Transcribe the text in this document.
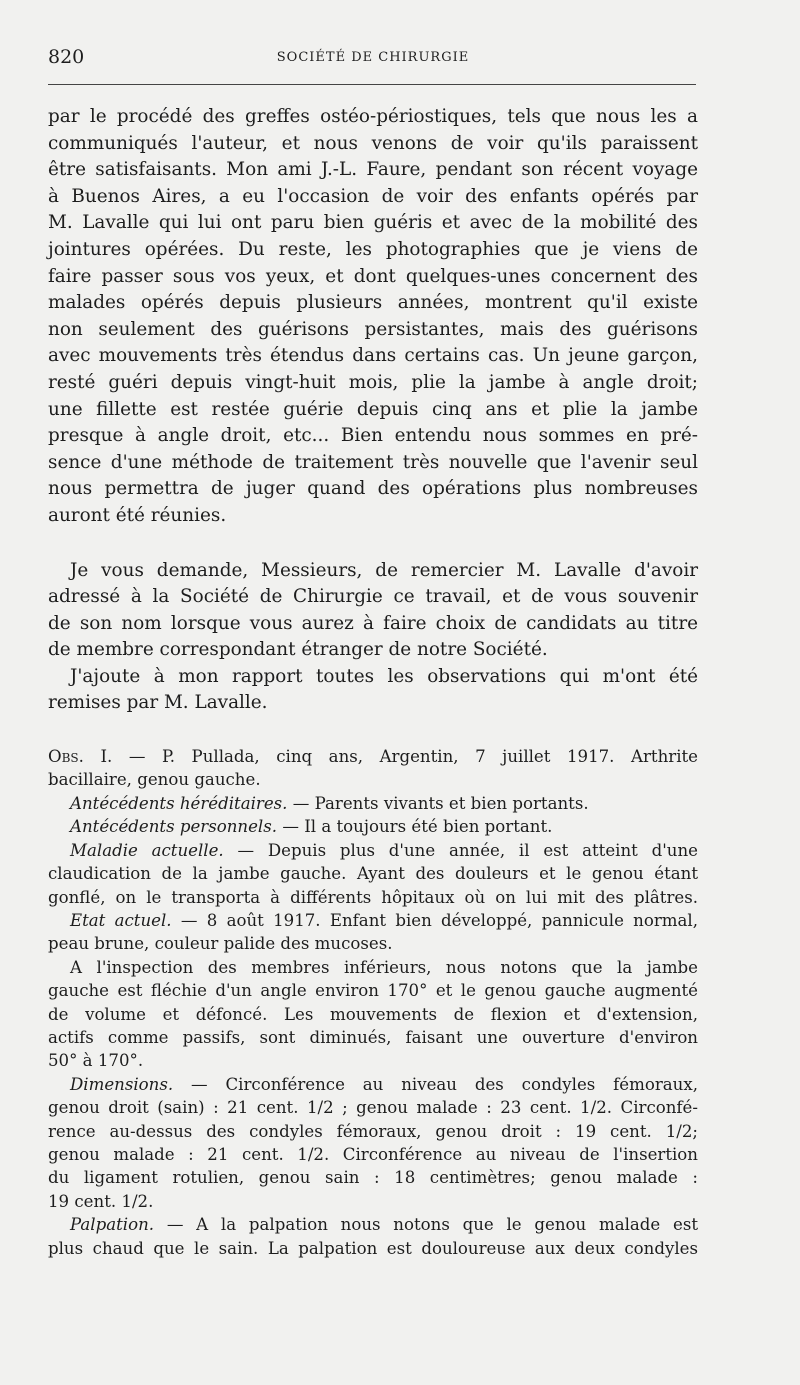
820	SOCIÉTÉ DE CHIRURGIE
par le procédé des greffes ostéo-périostiques, tels que nous les a
communiqués l'auteur, et nous venons de voir qu'ils paraissent
être satisfaisants. Mon ami J.-L. Faure, pendant son récent voyage
à Buenos Aires, a eu l'occasion de voir des enfants opérés par
M. Lavalle qui lui ont paru bien guéris et avec de la mobilité des
jointures opérées. Du reste, les photographies que je viens de
faire passer sous vos yeux, et dont quelques-unes concernent des
malades opérés depuis plusieurs années, montrent qu'il existe
non seulement des guérisons persistantes, mais des guérisons
avec mouvements très étendus dans certains cas. Un jeune garçon,
resté guéri depuis vingt-huit mois, plie la jambe à angle droit;
une fillette est restée guérie depuis cinq ans et plie la jambe
presque à angle droit, etc... Bien entendu nous sommes en pré-
sence d'une méthode de traitement très nouvelle que l'avenir seul
nous permettra de juger quand des opérations plus nombreuses
auront été réunies.
Je vous demande, Messieurs, de remercier M. Lavalle d'avoir
adressé à la Société de Chirurgie ce travail, et de vous souvenir
de son nom lorsque vous aurez à faire choix de candidats au titre
de membre correspondant étranger de notre Société.
J'ajoute à mon rapport toutes les observations qui m'ont été
remises par M. Lavalle.
Obs. I. — P. Pullada, cinq ans, Argentin, 7 juillet 1917. Arthrite
bacillaire, genou gauche.
Antécédents héréditaires. — Parents vivants et bien portants.
Antécédents personnels. — Il a toujours été bien portant.
Maladie actuelle. — Depuis plus d'une année, il est atteint d'une
claudication de la jambe gauche. Ayant des douleurs et le genou étant
gonflé, on le transporta à différents hôpitaux où on lui mit des plâtres.
Etat actuel. — 8 août 1917. Enfant bien développé, pannicule normal,
peau brune, couleur palide des mucoses.
A l'inspection des membres inférieurs, nous notons que la jambe
gauche est fléchie d'un angle environ 170° et le genou gauche augmenté
de volume et défoncé. Les mouvements de flexion et d'extension,
actifs comme passifs, sont diminués, faisant une ouverture d'environ
50° à 170°.
Dimensions. — Circonférence au niveau des condyles fémoraux,
genou droit (sain) : 21 cent. 1/2 ; genou malade : 23 cent. 1/2. Circonfé-
rence au-dessus des condyles fémoraux, genou droit : 19 cent. 1/2;
genou malade : 21 cent. 1/2. Circonférence au niveau de l'insertion
du ligament rotulien, genou sain : 18 centimètres; genou malade :
19 cent. 1/2.
Palpation. — A la palpation nous notons que le genou malade est
plus chaud que le sain. La palpation est douloureuse aux deux condyles
